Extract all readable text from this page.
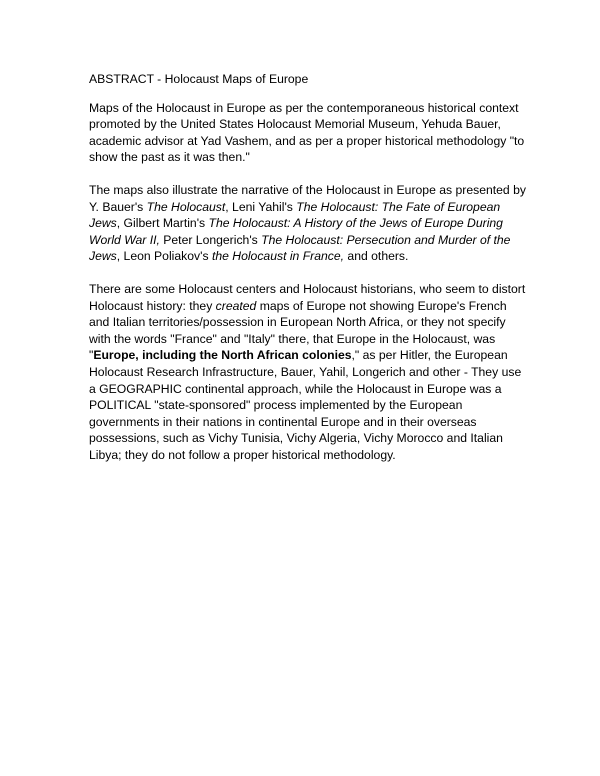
ABSTRACT - Holocaust Maps of Europe

Maps of the Holocaust in Europe as per the contemporaneous historical context promoted by the United States Holocaust Memorial Museum, Yehuda Bauer, academic advisor at Yad Vashem, and as per a proper historical methodology "to show the past as it was then."

The maps also illustrate the narrative of the Holocaust in Europe as presented by Y. Bauer's The Holocaust, Leni Yahil's The Holocaust: The Fate of European Jews, Gilbert Martin's The Holocaust: A History of the Jews of Europe During World War II, Peter Longerich's The Holocaust: Persecution and Murder of the Jews, Leon Poliakov's the Holocaust in France, and others.

There are some Holocaust centers and Holocaust historians, who seem to distort Holocaust history: they created maps of Europe not showing Europe's French and Italian territories/possession in European North Africa, or they not specify with the words "France" and "Italy" there, that Europe in the Holocaust, was "Europe, including the North African colonies," as per Hitler, the European Holocaust Research Infrastructure, Bauer, Yahil, Longerich and other - They use a GEOGRAPHIC continental approach, while the Holocaust in Europe was a POLITICAL "state-sponsored" process implemented by the European governments in their nations in continental Europe and in their overseas possessions, such as Vichy Tunisia, Vichy Algeria, Vichy Morocco and Italian Libya; they do not follow a proper historical methodology.
